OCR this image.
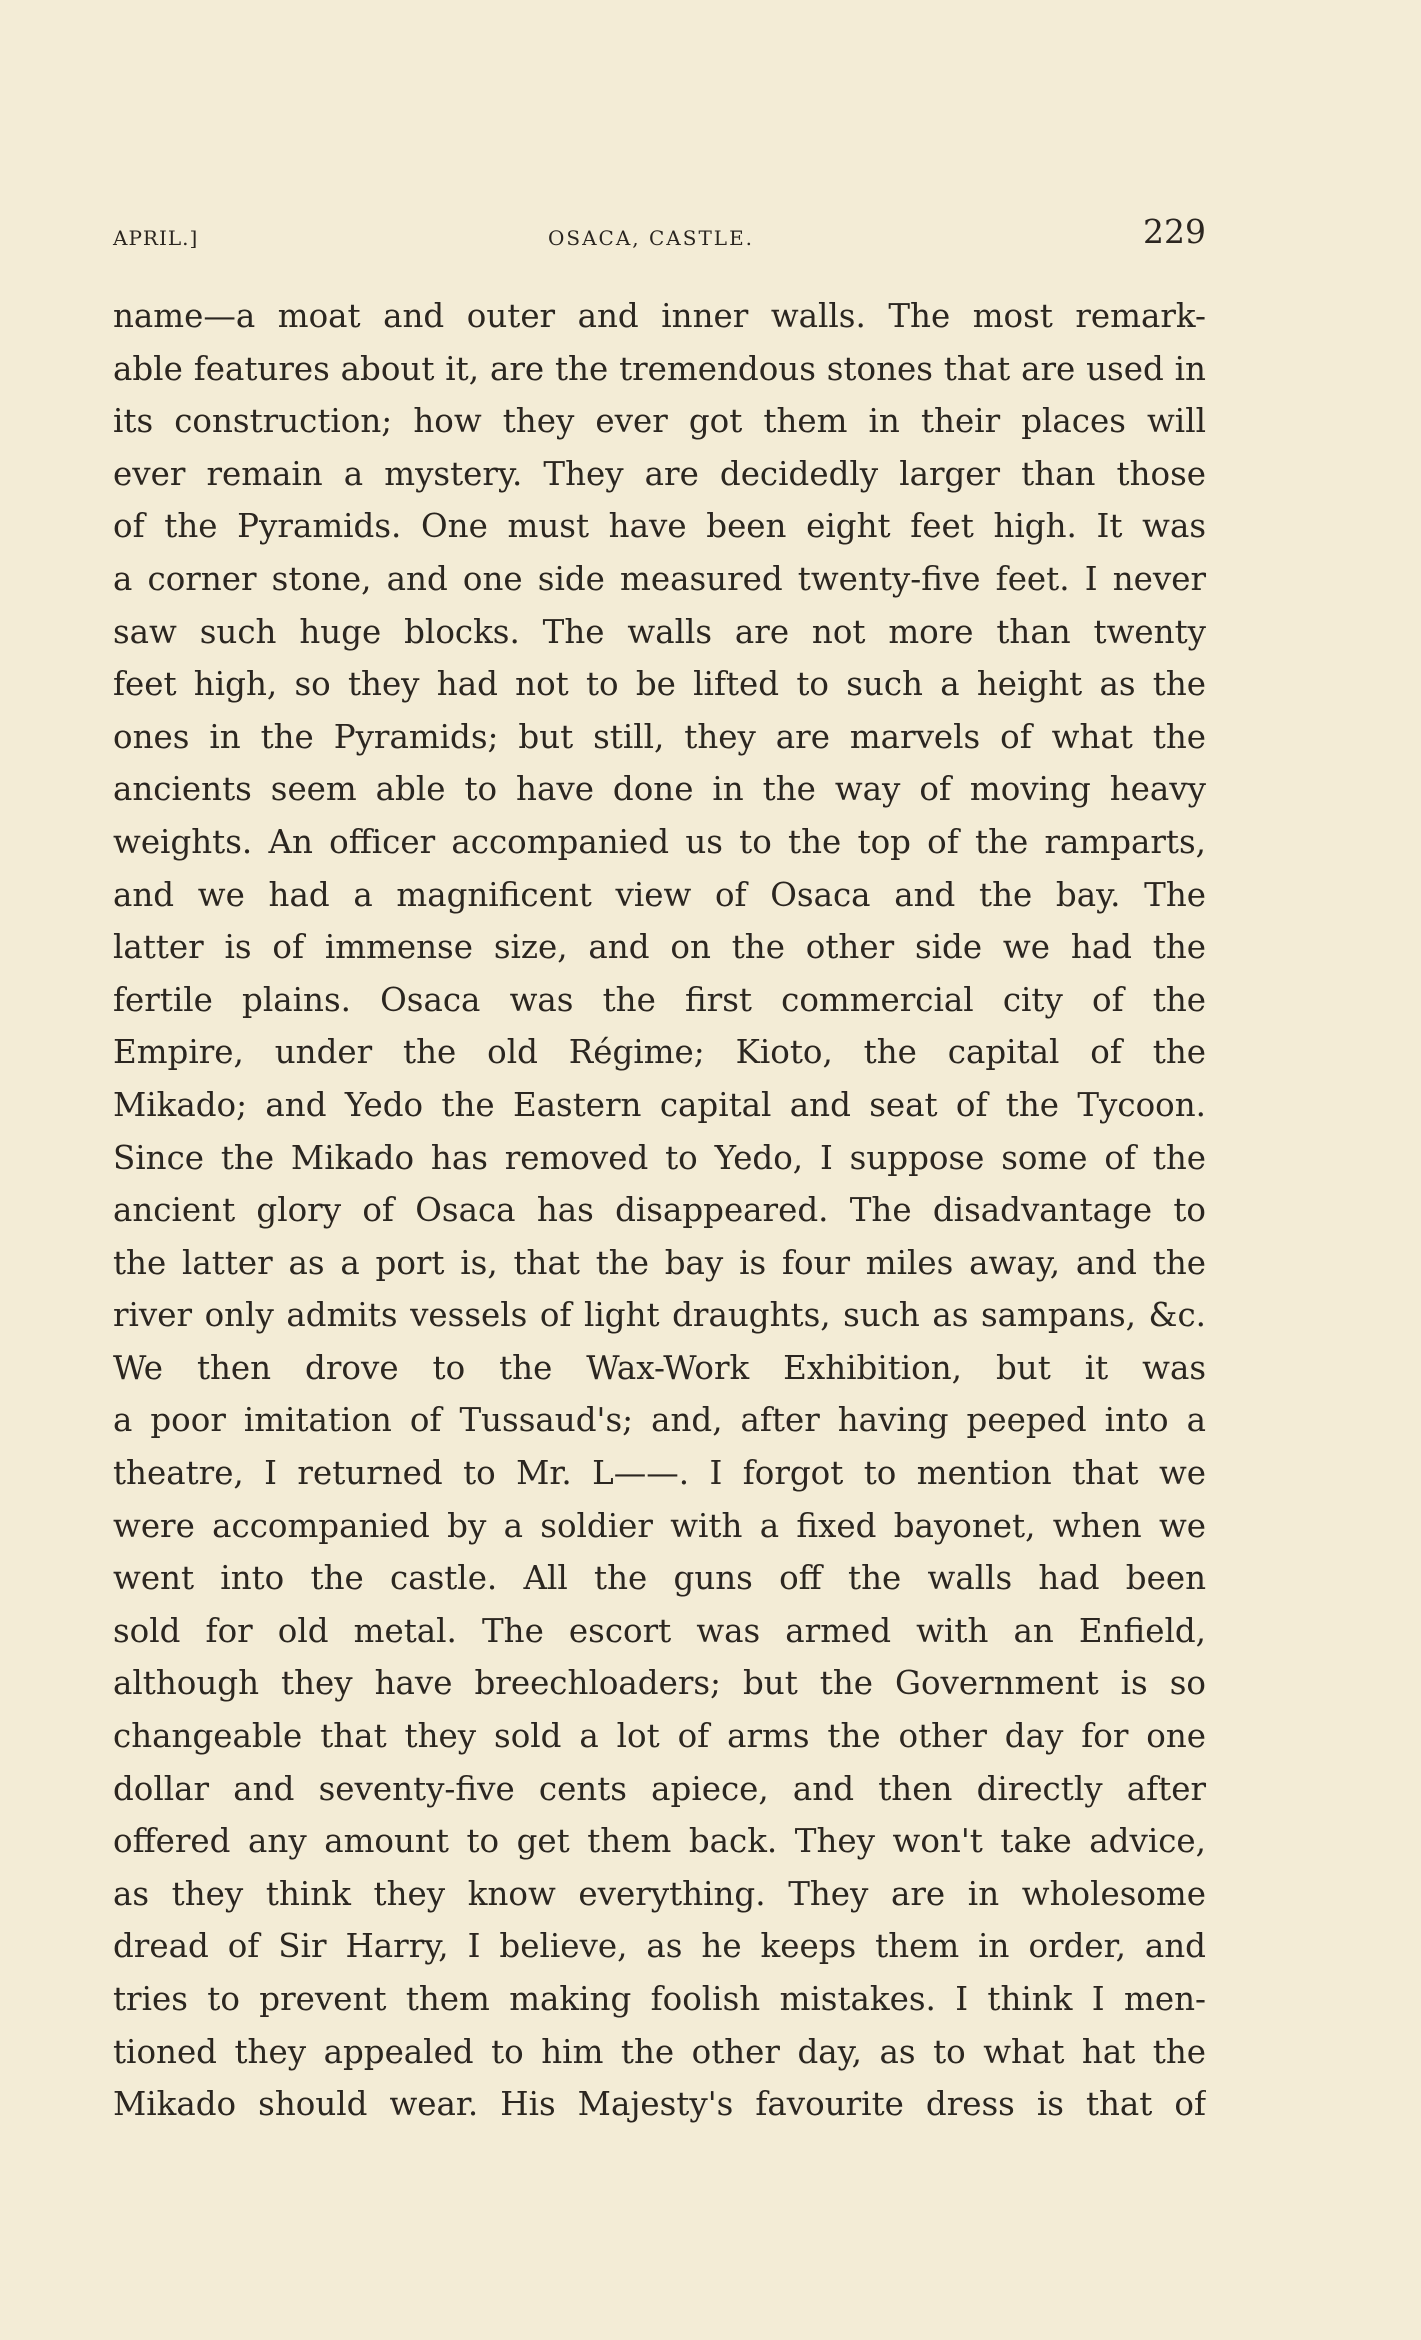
APRIL.]	OSACA, CASTLE.	229
name—a moat and outer and inner walls. The most remark-
able features about it, are the tremendous stones that are used in
its construction; how they ever got them in their places will
ever remain a mystery. They are decidedly larger than those
of the Pyramids. One must have been eight feet high. It was
a corner stone, and one side measured twenty-five feet. I never
saw such huge blocks. The walls are not more than twenty
feet high, so they had not to be lifted to such a height as the
ones in the Pyramids; but still, they are marvels of what the
ancients seem able to have done in the way of moving heavy
weights. An officer accompanied us to the top of the ramparts,
and we had a magnificent view of Osaca and the bay. The
latter is of immense size, and on the other side we had the
fertile plains. Osaca was the first commercial city of the
Empire, under the old Régime; Kioto, the capital of the
Mikado; and Yedo the Eastern capital and seat of the Tycoon.
Since the Mikado has removed to Yedo, I suppose some of the
ancient glory of Osaca has disappeared. The disadvantage to
the latter as a port is, that the bay is four miles away, and the
river only admits vessels of light draughts, such as sampans, &c.
We then drove to the Wax-Work Exhibition, but it was
a poor imitation of Tussaud's; and, after having peeped into a
theatre, I returned to Mr. L——. I forgot to mention that we
were accompanied by a soldier with a fixed bayonet, when we
went into the castle. All the guns off the walls had been
sold for old metal. The escort was armed with an Enfield,
although they have breechloaders; but the Government is so
changeable that they sold a lot of arms the other day for one
dollar and seventy-five cents apiece, and then directly after
offered any amount to get them back. They won't take advice,
as they think they know everything. They are in wholesome
dread of Sir Harry, I believe, as he keeps them in order, and
tries to prevent them making foolish mistakes. I think I men-
tioned they appealed to him the other day, as to what hat the
Mikado should wear. His Majesty's favourite dress is that of
